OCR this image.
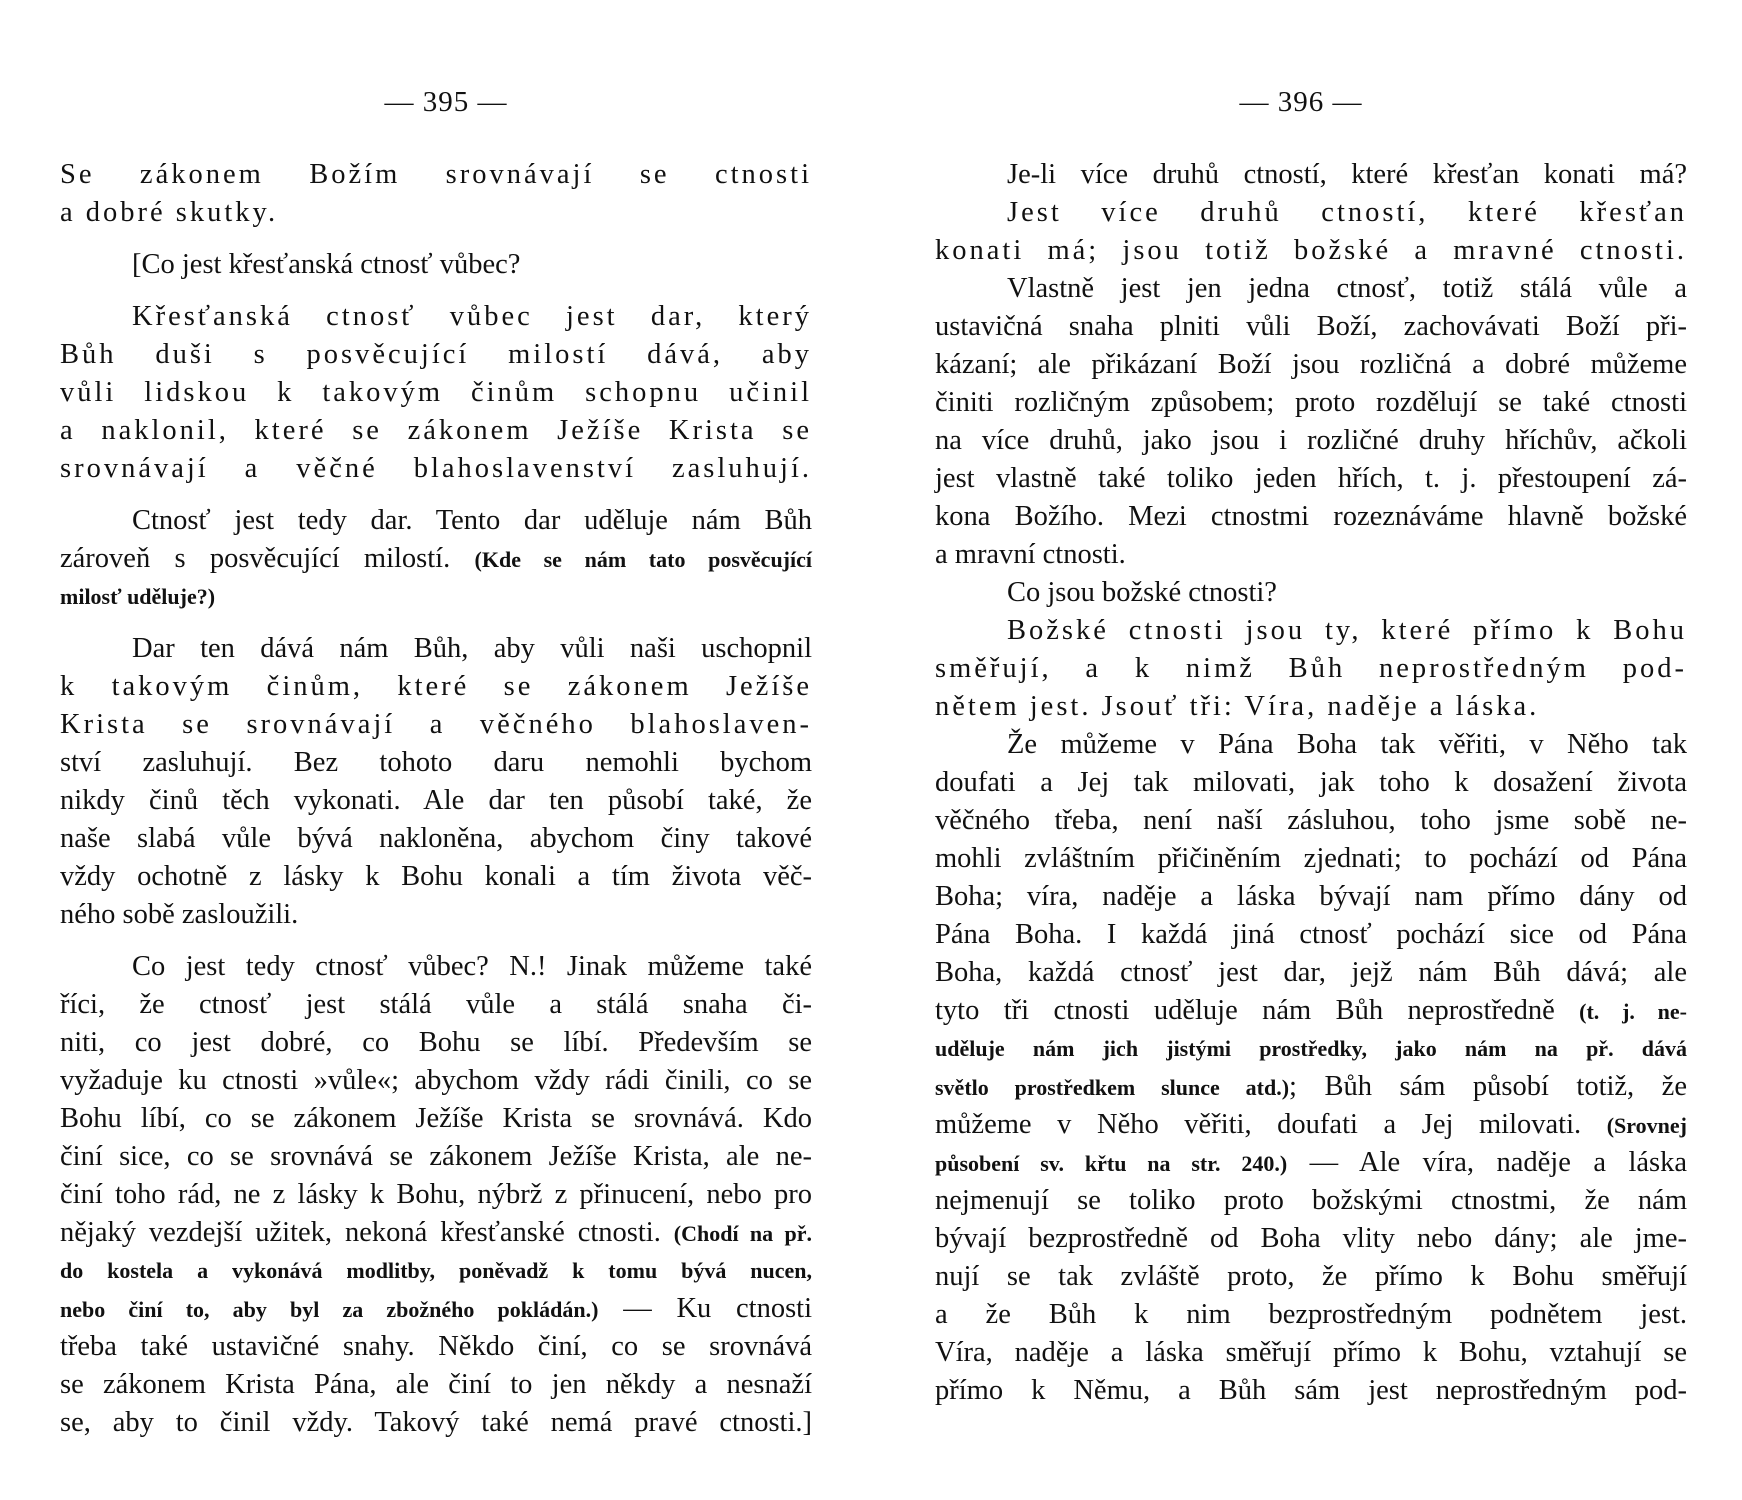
— 395 —
Se zákonem Božím srovnávají se ctnosti
a dobré skutky.
[Co jest křesťanská ctnosť vůbec?
Křesťanská ctnosť vůbec jest dar, který
Bůh duši s posvěcující milostí dává, aby
vůli lidskou k takovým činům schopnu učinil
a naklonil, které se zákonem Ježíše Krista se
srovnávají a věčné blahoslavenství zasluhují.
Ctnosť jest tedy dar. Tento dar uděluje nám Bůh
zároveň s posvěcující milostí. (Kde se nám tato posvěcující
milosť uděluje?)
Dar ten dává nám Bůh, aby vůli naši uschopnil
k takovým činům, které se zákonem Ježíše
Krista se srovnávají a věčného blahoslaven-
ství zasluhují. Bez tohoto daru nemohli bychom
nikdy činů těch vykonati. Ale dar ten působí také, že
naše slabá vůle bývá nakloněna, abychom činy takové
vždy ochotně z lásky k Bohu konali a tím života věč-
ného sobě zasloužili.
Co jest tedy ctnosť vůbec? N.! Jinak můžeme také
říci, že ctnosť jest stálá vůle a stálá snaha či-
niti, co jest dobré, co Bohu se líbí. Především se
vyžaduje ku ctnosti »vůle«; abychom vždy rádi činili, co se
Bohu líbí, co se zákonem Ježíše Krista se srovnává. Kdo
činí sice, co se srovnává se zákonem Ježíše Krista, ale ne-
činí toho rád, ne z lásky k Bohu, nýbrž z přinucení, nebo pro
nějaký vezdejší užitek, nekoná křesťanské ctnosti. (Chodí na př.
do kostela a vykonává modlitby, poněvadž k tomu bývá nucen,
nebo činí to, aby byl za zbožného pokládán.) — Ku ctnosti
třeba také ustavičné snahy. Někdo činí, co se srovnává
se zákonem Krista Pána, ale činí to jen někdy a nesnaží
se, aby to činil vždy. Takový také nemá pravé ctnosti.]
— 396 —
Je-li více druhů ctností, které křesťan konati má?
Jest více druhů ctností, které křesťan
konati má; jsou totiž božské a mravné ctnosti.
Vlastně jest jen jedna ctnosť, totiž stálá vůle a
ustavičná snaha plniti vůli Boží, zachovávati Boží při-
kázaní; ale přikázaní Boží jsou rozličná a dobré můžeme
činiti rozličným způsobem; proto rozdělují se také ctnosti
na více druhů, jako jsou i rozličné druhy hříchův, ačkoli
jest vlastně také toliko jeden hřích, t. j. přestoupení zá-
kona Božího. Mezi ctnostmi rozeznáváme hlavně božské
a mravní ctnosti.
Co jsou božské ctnosti?
Božské ctnosti jsou ty, které přímo k Bohu
směřují, a k nimž Bůh neprostředným pod-
nětem jest. Jsouť tři: Víra, naděje a láska.
Že můžeme v Pána Boha tak věřiti, v Něho tak
doufati a Jej tak milovati, jak toho k dosažení života
věčného třeba, není naší zásluhou, toho jsme sobě ne-
mohli zvláštním přičiněním zjednati; to pochází od Pána
Boha; víra, naděje a láska bývají nam přímo dány od
Pána Boha. I každá jiná ctnosť pochází sice od Pána
Boha, každá ctnosť jest dar, jejž nám Bůh dává; ale
tyto tři ctnosti uděluje nám Bůh neprostředně (t. j. ne-
uděluje nám jich jistými prostředky, jako nám na př. dává
světlo prostředkem slunce atd.); Bůh sám působí totiž, že
můžeme v Něho věřiti, doufati a Jej milovati. (Srovnej
působení sv. křtu na str. 240.) — Ale víra, naděje a láska
nejmenují se toliko proto božskými ctnostmi, že nám
bývají bezprostředně od Boha vlity nebo dány; ale jme-
nují se tak zvláště proto, že přímo k Bohu směřují
a že Bůh k nim bezprostředným podnětem jest.
Víra, naděje a láska směřují přímo k Bohu, vztahují se
přímo k Němu, a Bůh sám jest neprostředným pod-
